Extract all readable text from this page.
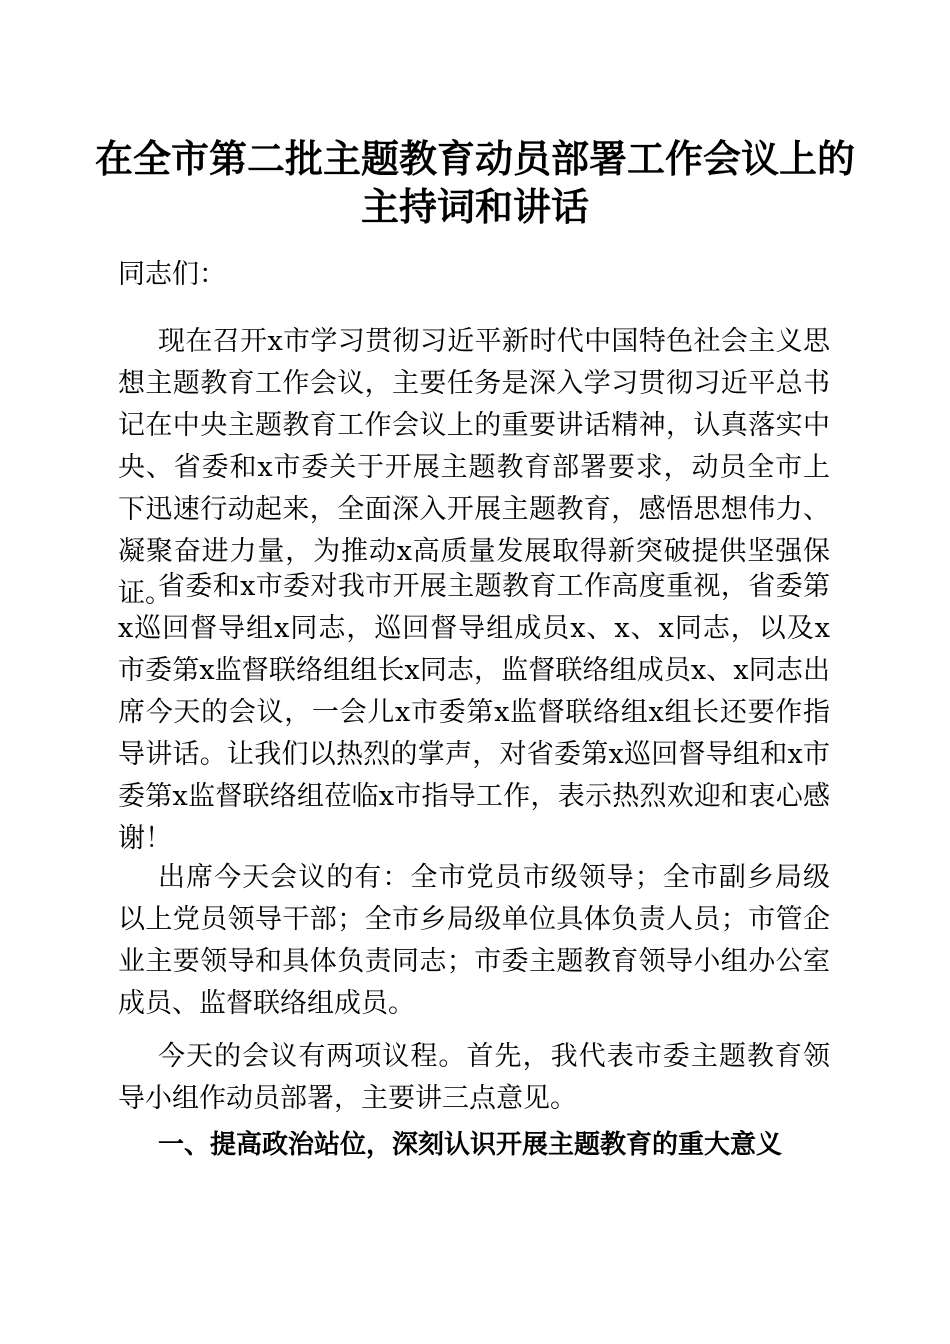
在全市第二批主题教育动员部署工作会议上的
主持词和讲话

同志们：

现在召开x市学习贯彻习近平新时代中国特色社会主义思想主题教育工作会议，主要任务是深入学习贯彻习近平总书记在中央主题教育工作会议上的重要讲话精神，认真落实中央、省委和x市委关于开展主题教育部署要求，动员全市上下迅速行动起来，全面深入开展主题教育，感悟思想伟力、凝聚奋进力量，为推动x高质量发展取得新突破提供坚强保证。

省委和x市委对我市开展主题教育工作高度重视，省委第x巡回督导组x同志，巡回督导组成员x、x、x同志，以及x市委第x监督联络组组长x同志，监督联络组成员x、x同志出席今天的会议，一会儿x市委第x监督联络组x组长还要作指导讲话。让我们以热烈的掌声，对省委第x巡回督导组和x市委第x监督联络组莅临x市指导工作，表示热烈欢迎和衷心感谢！

出席今天会议的有：全市党员市级领导；全市副乡局级以上党员领导干部；全市乡局级单位具体负责人员；市管企业主要领导和具体负责同志；市委主题教育领导小组办公室成员、监督联络组成员。

今天的会议有两项议程。首先，我代表市委主题教育领导小组作动员部署，主要讲三点意见。

一、提高政治站位，深刻认识开展主题教育的重大意义
